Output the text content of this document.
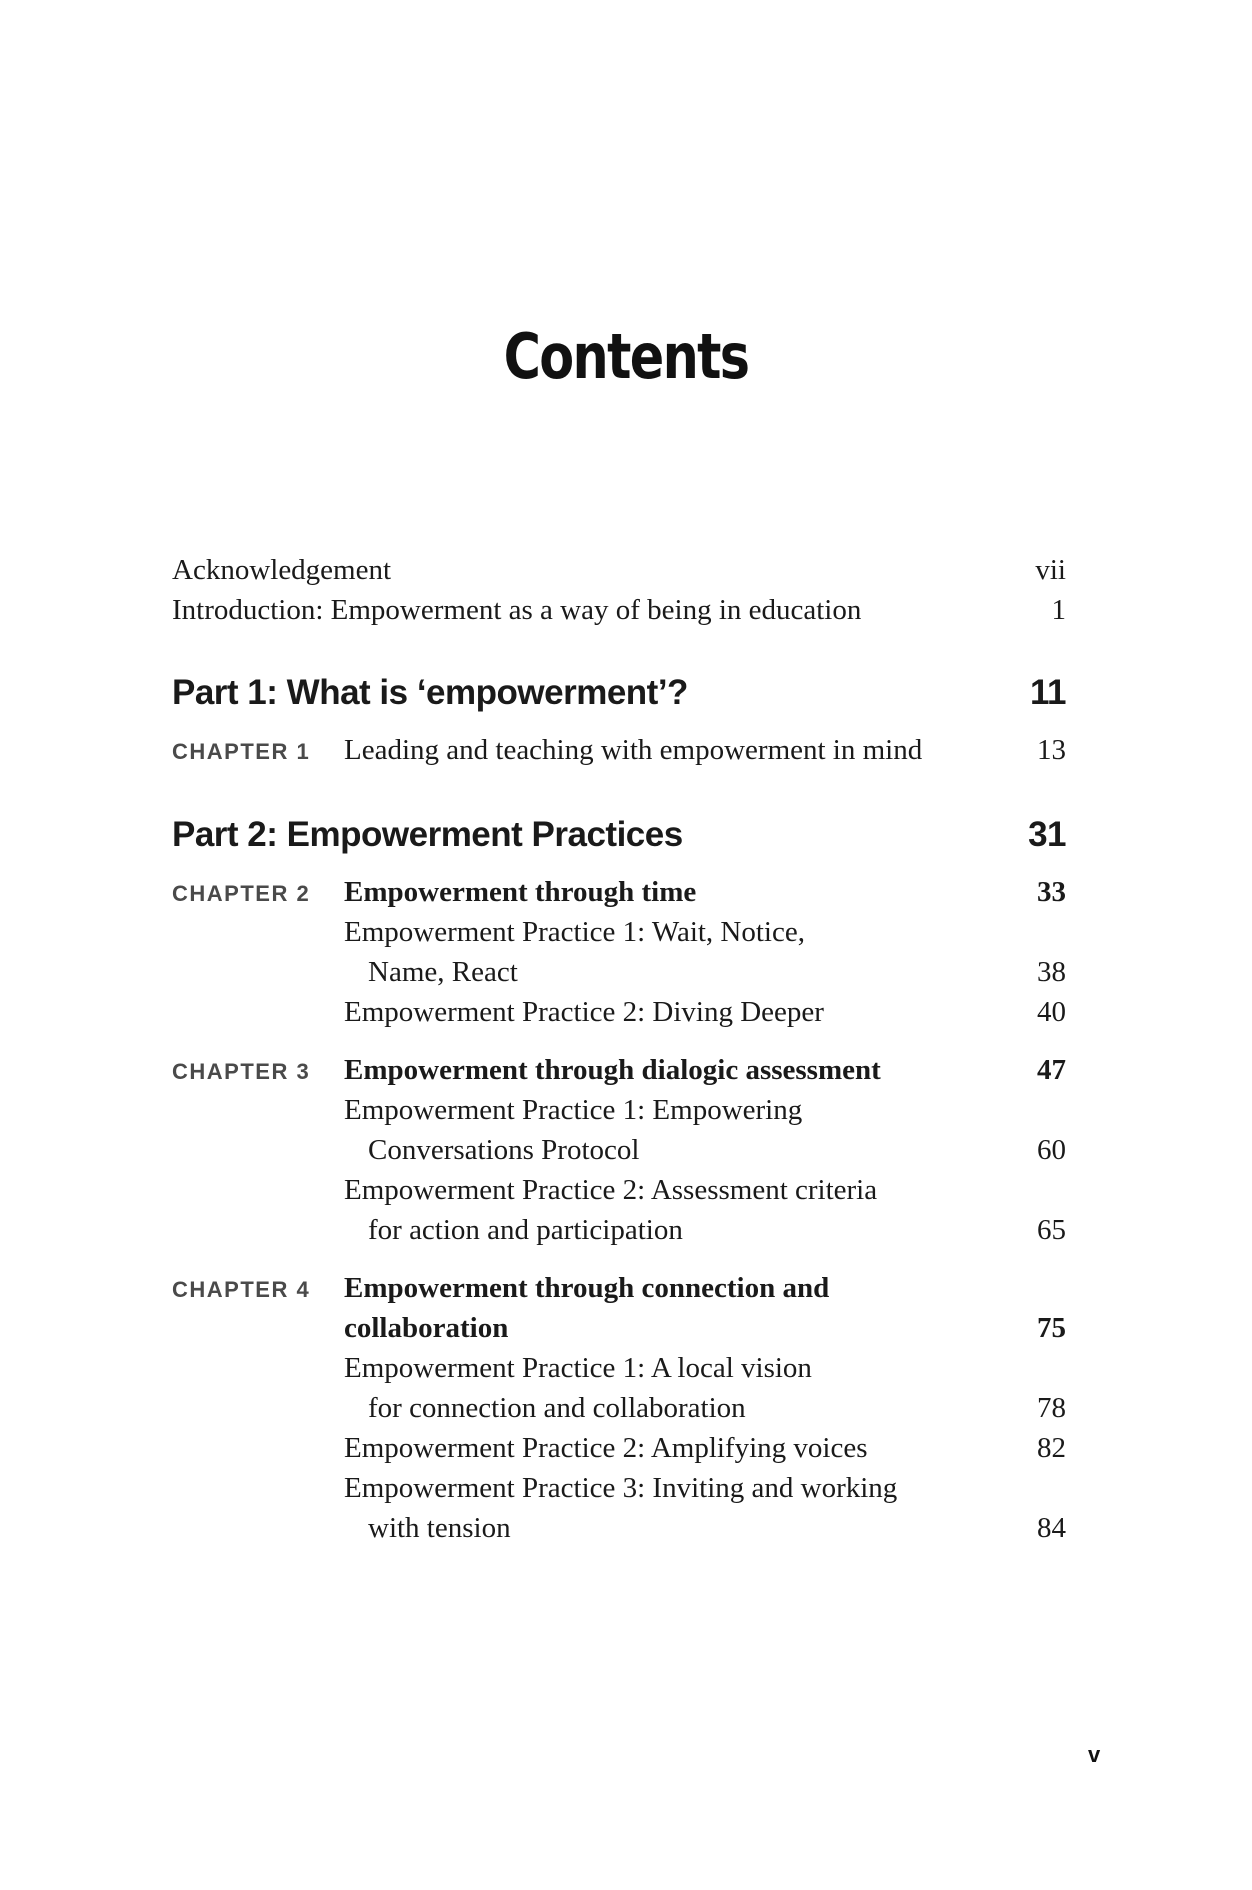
Contents
Acknowledgement	vii
Introduction: Empowerment as a way of being in education	1
Part 1: What is ‘empowerment’?	11
CHAPTER 1	Leading and teaching with empowerment in mind	13
Part 2: Empowerment Practices	31
CHAPTER 2	Empowerment through time	33
Empowerment Practice 1: Wait, Notice,
Name, React	38
Empowerment Practice 2: Diving Deeper	40
CHAPTER 3	Empowerment through dialogic assessment	47
Empowerment Practice 1: Empowering
Conversations Protocol	60
Empowerment Practice 2: Assessment criteria
for action and participation	65
CHAPTER 4	Empowerment through connection and
collaboration	75
Empowerment Practice 1: A local vision
for connection and collaboration	78
Empowerment Practice 2: Amplifying voices	82
Empowerment Practice 3: Inviting and working
with tension	84
v
